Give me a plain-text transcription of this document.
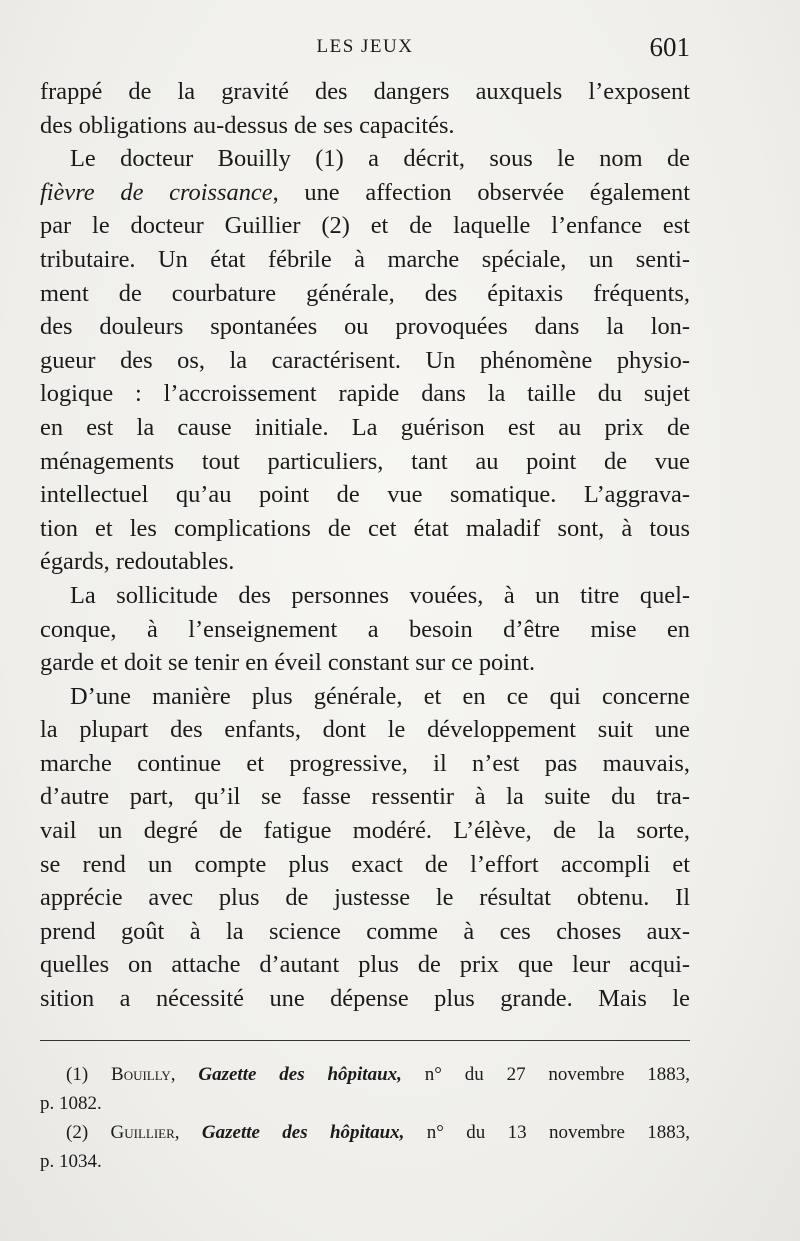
LES JEUX	601
frappé de la gravité des dangers auxquels l’exposent
des obligations au-dessus de ses capacités.
Le docteur Bouilly (1) a décrit, sous le nom de
fièvre de croissance, une affection observée également
par le docteur Guillier (2) et de laquelle l’enfance est
tributaire. Un état fébrile à marche spéciale, un senti-
ment de courbature générale, des épitaxis fréquents,
des douleurs spontanées ou provoquées dans la lon-
gueur des os, la caractérisent. Un phénomène physio-
logique : l’accroissement rapide dans la taille du sujet
en est la cause initiale. La guérison est au prix de
ménagements tout particuliers, tant au point de vue
intellectuel qu’au point de vue somatique. L’aggrava-
tion et les complications de cet état maladif sont, à tous
égards, redoutables.
La sollicitude des personnes vouées, à un titre quel-
conque, à l’enseignement a besoin d’être mise en
garde et doit se tenir en éveil constant sur ce point.
D’une manière plus générale, et en ce qui concerne
la plupart des enfants, dont le développement suit une
marche continue et progressive, il n’est pas mauvais,
d’autre part, qu’il se fasse ressentir à la suite du tra-
vail un degré de fatigue modéré. L’élève, de la sorte,
se rend un compte plus exact de l’effort accompli et
apprécie avec plus de justesse le résultat obtenu. Il
prend goût à la science comme à ces choses aux-
quelles on attache d’autant plus de prix que leur acqui-
sition a nécessité une dépense plus grande. Mais le
(1) Bouilly, Gazette des hôpitaux, n° du 27 novembre 1883,
p. 1082.
(2) Guillier, Gazette des hôpitaux, n° du 13 novembre 1883,
p. 1034.
